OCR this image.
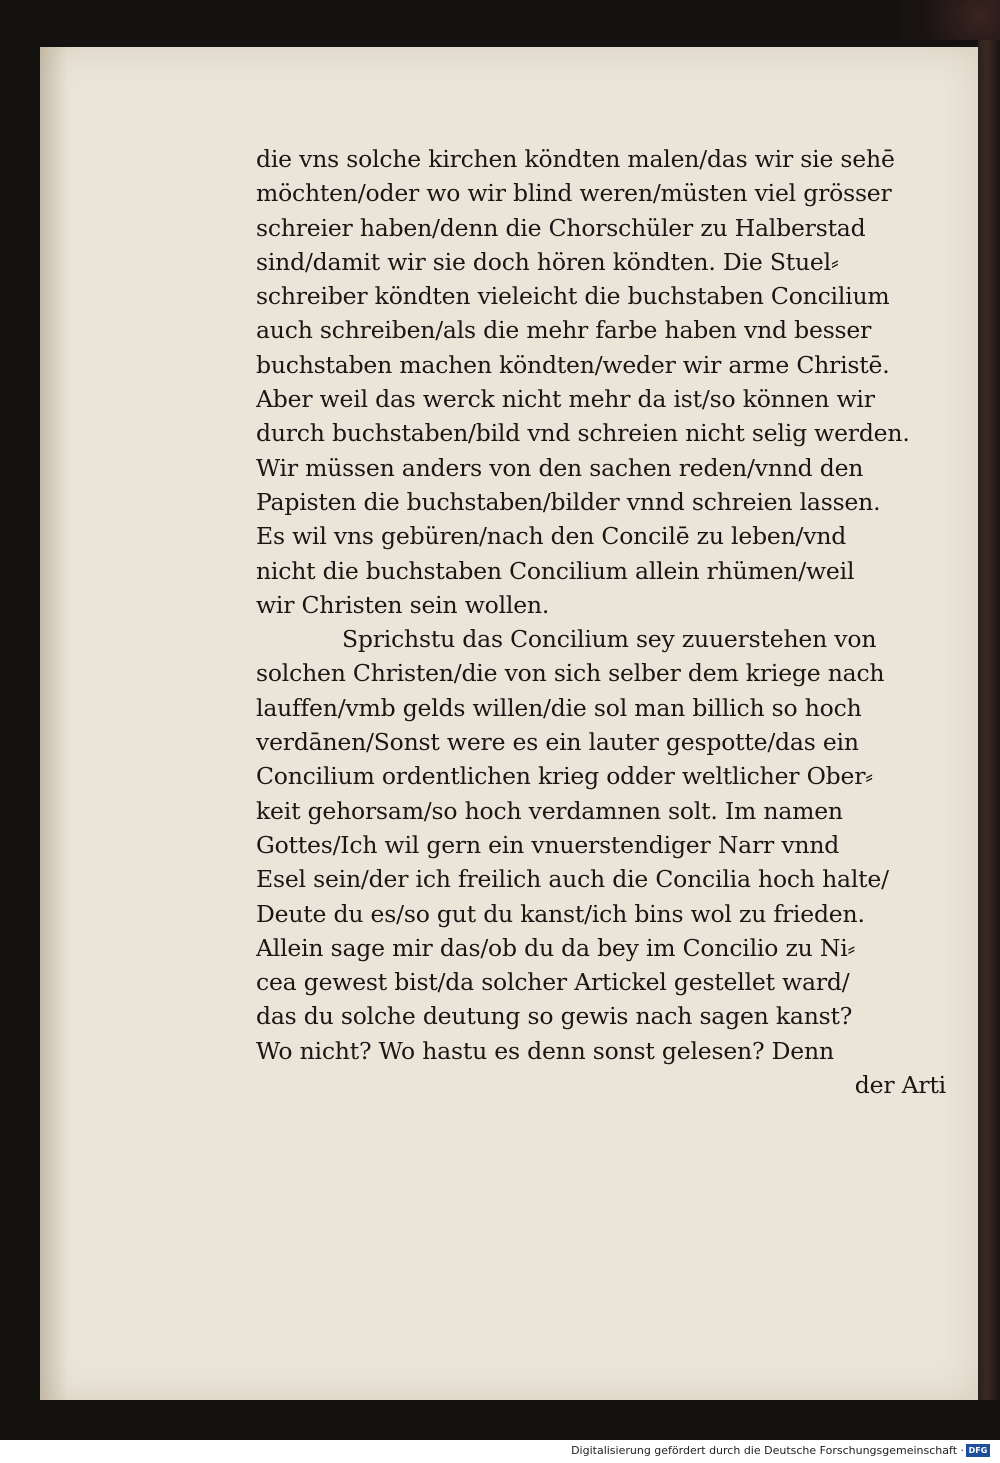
die vns solche kirchen köndten malen/das wir sie sehē
möchten/oder wo wir blind weren/müsten viel grösser
schreier haben/denn die Chorschüler zu Halberstad
sind/damit wir sie doch hören köndten. Die Stuel⸗
schreiber köndten vieleicht die buchstaben Concilium
auch schreiben/als die mehr farbe haben vnd besser
buchstaben machen köndten/weder wir arme Christē.
Aber weil das werck nicht mehr da ist/so können wir
durch buchstaben/bild vnd schreien nicht selig werden.
Wir müssen anders von den sachen reden/vnnd den
Papisten die buchstaben/bilder vnnd schreien lassen.
Es wil vns gebüren/nach den Concilē zu leben/vnd
nicht die buchstaben Concilium allein rhümen/weil
wir Christen sein wollen.
Sprichstu das Concilium sey zuuerstehen von
solchen Christen/die von sich selber dem kriege nach
lauffen/vmb gelds willen/die sol man billich so hoch
verdānen/Sonst were es ein lauter gespotte/das ein
Concilium ordentlichen krieg odder weltlicher Ober⸗
keit gehorsam/so hoch verdamnen solt. Im namen
Gottes/Ich wil gern ein vnuerstendiger Narr vnnd
Esel sein/der ich freilich auch die Concilia hoch halte/
Deute du es/so gut du kanst/ich bins wol zu frieden.
Allein sage mir das/ob du da bey im Concilio zu Ni⸗
cea gewest bist/da solcher Artickel gestellet ward/
das du solche deutung so gewis nach sagen kanst?
Wo nicht? Wo hastu es denn sonst gelesen? Denn
der Arti
Digitalisierung gefördert durch die Deutsche Forschungsgemeinschaft · DFG
